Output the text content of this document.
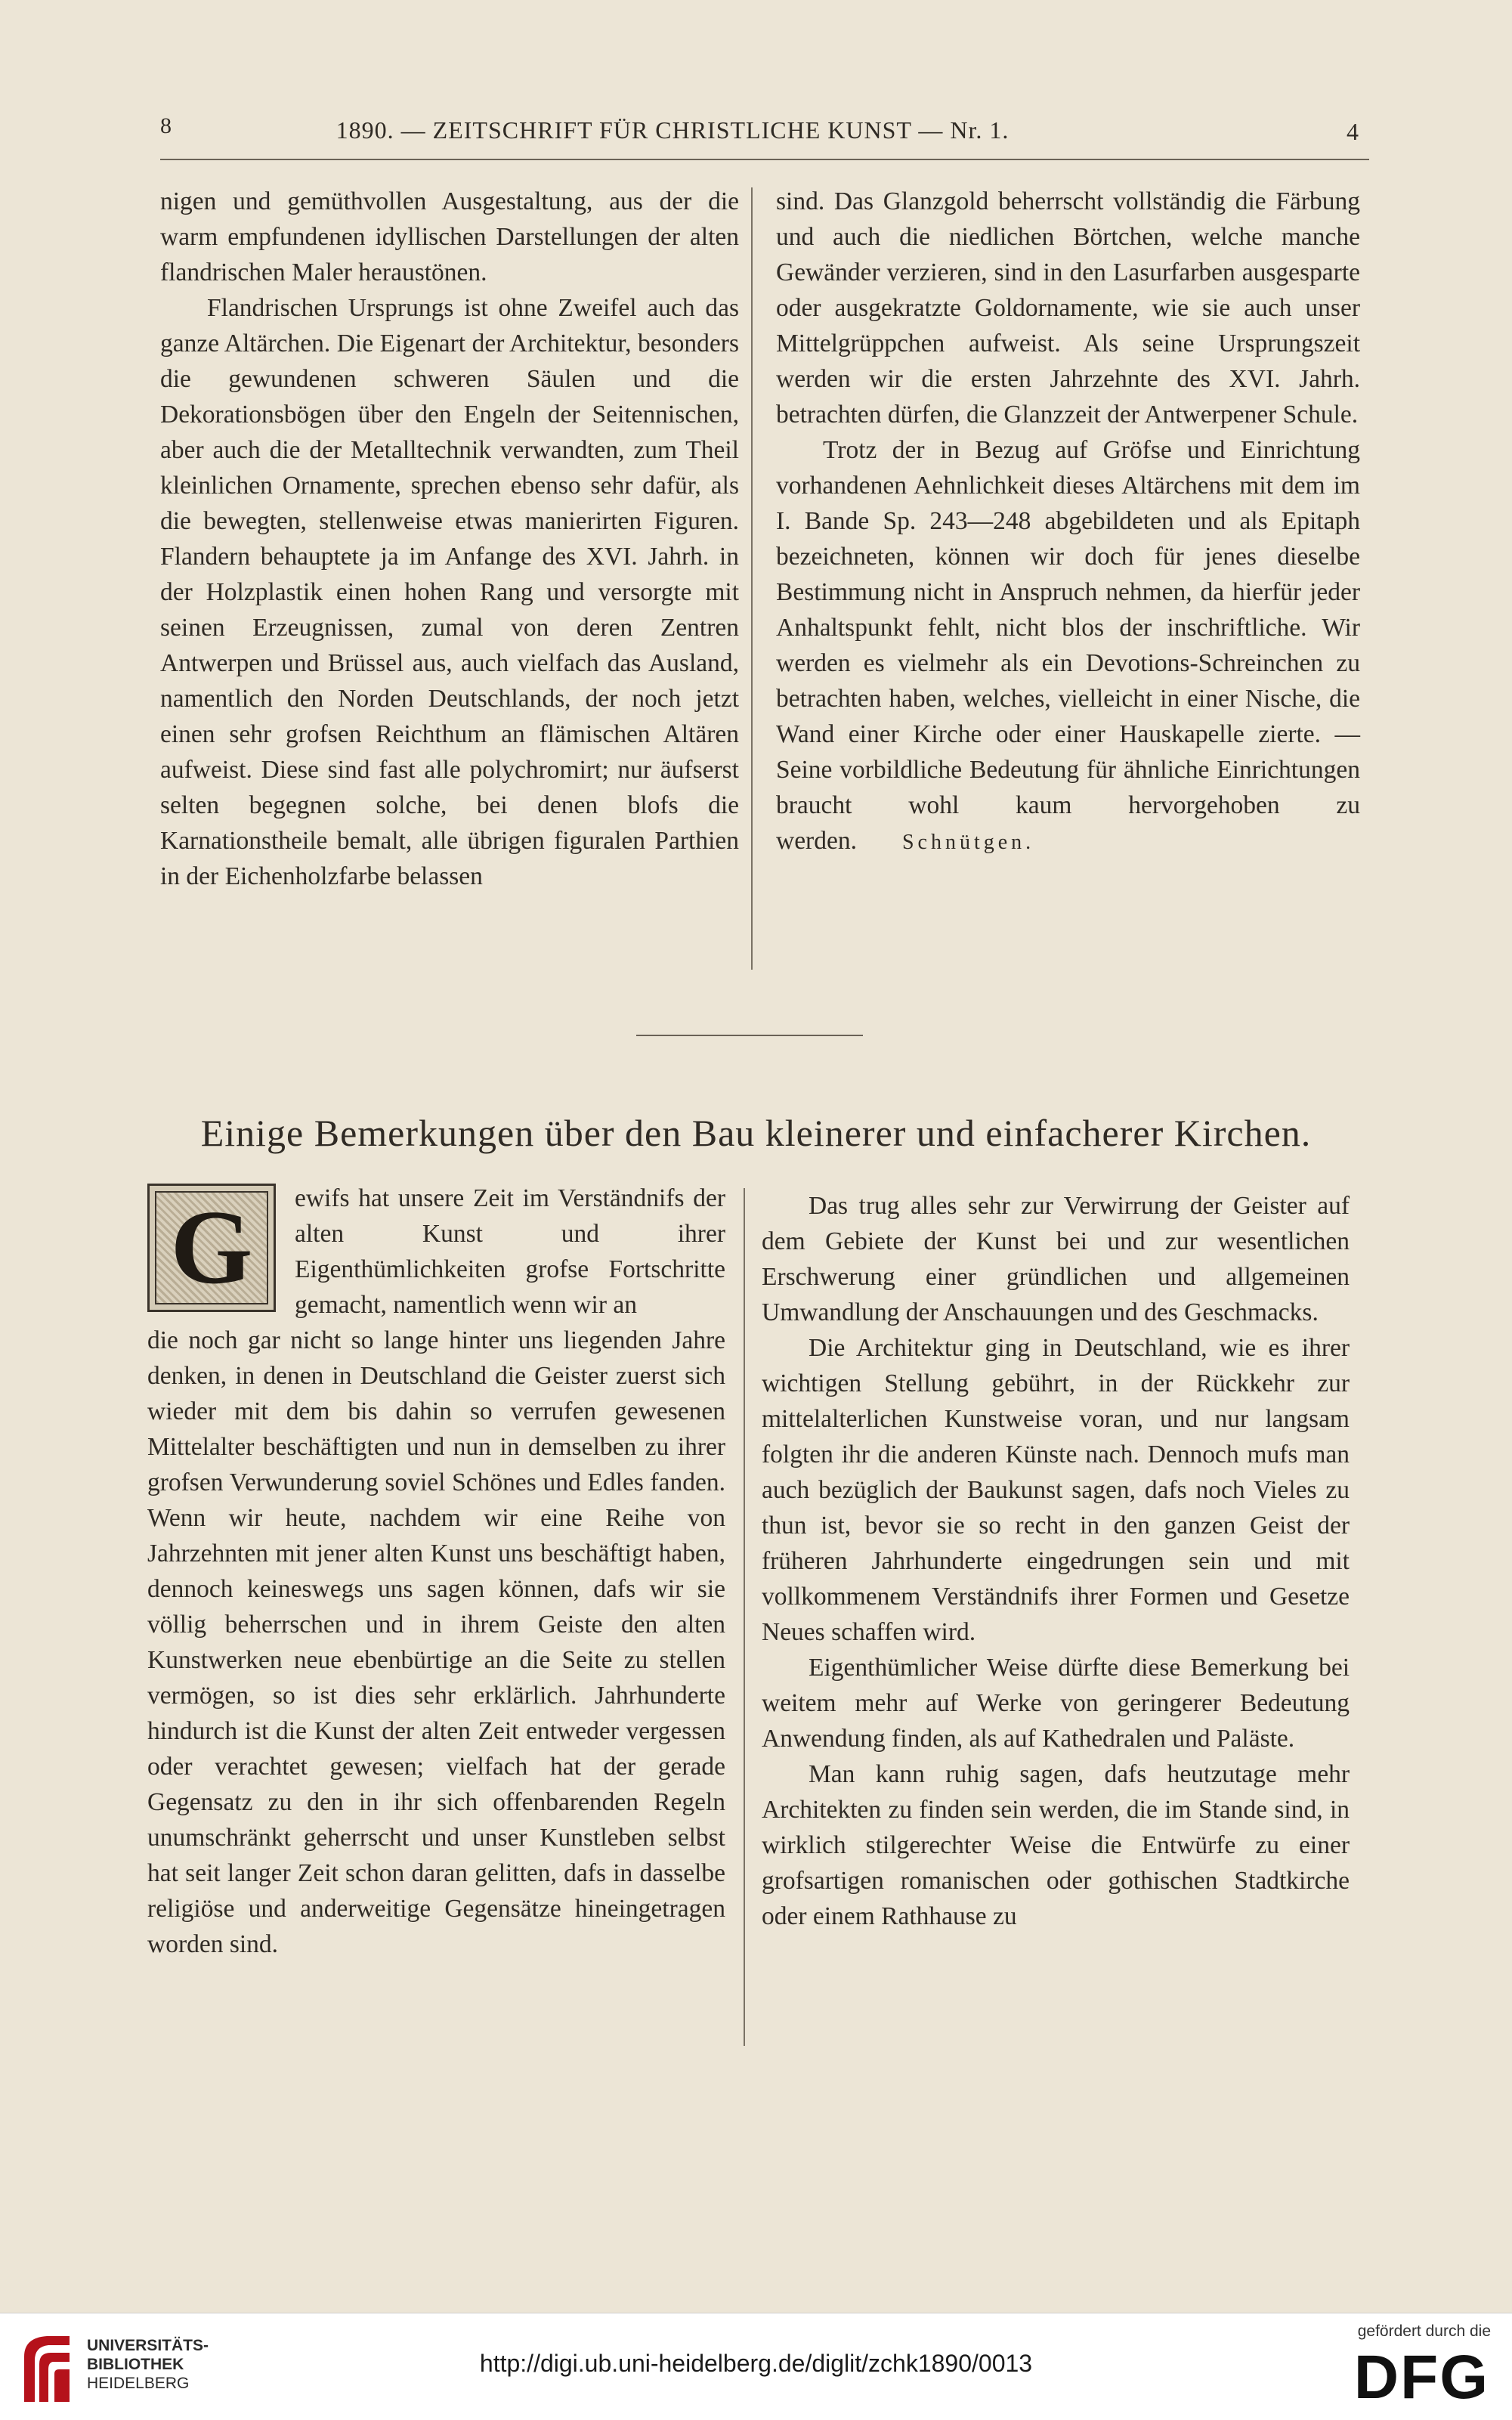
8	1890. — ZEITSCHRIFT FÜR CHRISTLICHE KUNST — Nr. 1.	4

nigen und gemüthvollen Ausgestaltung, aus der die warm empfundenen idyllischen Darstellungen der alten flandrischen Maler heraustönen.

Flandrischen Ursprungs ist ohne Zweifel auch das ganze Altärchen. Die Eigenart der Architektur, besonders die gewundenen schweren Säulen und die Dekorationsbögen über den Engeln der Seitennischen, aber auch die der Metalltechnik verwandten, zum Theil kleinlichen Ornamente, sprechen ebenso sehr dafür, als die bewegten, stellenweise etwas manierirten Figuren. Flandern behauptete ja im Anfange des XVI. Jahrh. in der Holzplastik einen hohen Rang und versorgte mit seinen Erzeugnissen, zumal von deren Zentren Antwerpen und Brüssel aus, auch vielfach das Ausland, namentlich den Norden Deutschlands, der noch jetzt einen sehr grofsen Reichthum an flämischen Altären aufweist. Diese sind fast alle polychromirt; nur äufserst selten begegnen solche, bei denen blofs die Karnationstheile bemalt, alle übrigen figuralen Parthien in der Eichenholzfarbe belassen

sind. Das Glanzgold beherrscht vollständig die Färbung und auch die niedlichen Börtchen, welche manche Gewänder verzieren, sind in den Lasurfarben ausgesparte oder ausgekratzte Goldornamente, wie sie auch unser Mittelgrüppchen aufweist. Als seine Ursprungszeit werden wir die ersten Jahrzehnte des XVI. Jahrh. betrachten dürfen, die Glanzzeit der Antwerpener Schule.

Trotz der in Bezug auf Gröfse und Einrichtung vorhandenen Aehnlichkeit dieses Altärchens mit dem im I. Bande Sp. 243—248 abgebildeten und als Epitaph bezeichneten, können wir doch für jenes dieselbe Bestimmung nicht in Anspruch nehmen, da hierfür jeder Anhaltspunkt fehlt, nicht blos der inschriftliche. Wir werden es vielmehr als ein Devotions-Schreinchen zu betrachten haben, welches, vielleicht in einer Nische, die Wand einer Kirche oder einer Hauskapelle zierte. — Seine vorbildliche Bedeutung für ähnliche Einrichtungen braucht wohl kaum hervorgehoben zu werden. Schnütgen.

Einige Bemerkungen über den Bau kleinerer und einfacherer Kirchen.
G	ewifs hat unsere Zeit im Verständnifs der alten Kunst und ihrer Eigenthümlichkeiten grofse Fortschritte gemacht, namentlich wenn wir an

die noch gar nicht so lange hinter uns liegenden Jahre denken, in denen in Deutschland die Geister zuerst sich wieder mit dem bis dahin so verrufen gewesenen Mittelalter beschäftigten und nun in demselben zu ihrer grofsen Verwunderung soviel Schönes und Edles fanden. Wenn wir heute, nachdem wir eine Reihe von Jahrzehnten mit jener alten Kunst uns beschäftigt haben, dennoch keineswegs uns sagen können, dafs wir sie völlig beherrschen und in ihrem Geiste den alten Kunstwerken neue ebenbürtige an die Seite zu stellen vermögen, so ist dies sehr erklärlich. Jahrhunderte hindurch ist die Kunst der alten Zeit entweder vergessen oder verachtet gewesen; vielfach hat der gerade Gegensatz zu den in ihr sich offenbarenden Regeln unumschränkt geherrscht und unser Kunstleben selbst hat seit langer Zeit schon daran gelitten, dafs in dasselbe religiöse und anderweitige Gegensätze hineingetragen worden sind.

Das trug alles sehr zur Verwirrung der Geister auf dem Gebiete der Kunst bei und zur wesentlichen Erschwerung einer gründlichen und allgemeinen Umwandlung der Anschauungen und des Geschmacks.

Die Architektur ging in Deutschland, wie es ihrer wichtigen Stellung gebührt, in der Rückkehr zur mittelalterlichen Kunstweise voran, und nur langsam folgten ihr die anderen Künste nach. Dennoch mufs man auch bezüglich der Baukunst sagen, dafs noch Vieles zu thun ist, bevor sie so recht in den ganzen Geist der früheren Jahrhunderte eingedrungen sein und mit vollkommenem Verständnifs ihrer Formen und Gesetze Neues schaffen wird.

Eigenthümlicher Weise dürfte diese Bemerkung bei weitem mehr auf Werke von geringerer Bedeutung Anwendung finden, als auf Kathedralen und Paläste.

Man kann ruhig sagen, dafs heutzutage mehr Architekten zu finden sein werden, die im Stande sind, in wirklich stilgerechter Weise die Entwürfe zu einer grofsartigen romanischen oder gothischen Stadtkirche oder einem Rathhause zu

UNIVERSITÄTS-
BIBLIOTHEK
HEIDELBERG
http://digi.ub.uni-heidelberg.de/diglit/zchk1890/0013
gefördert durch die
DFG
